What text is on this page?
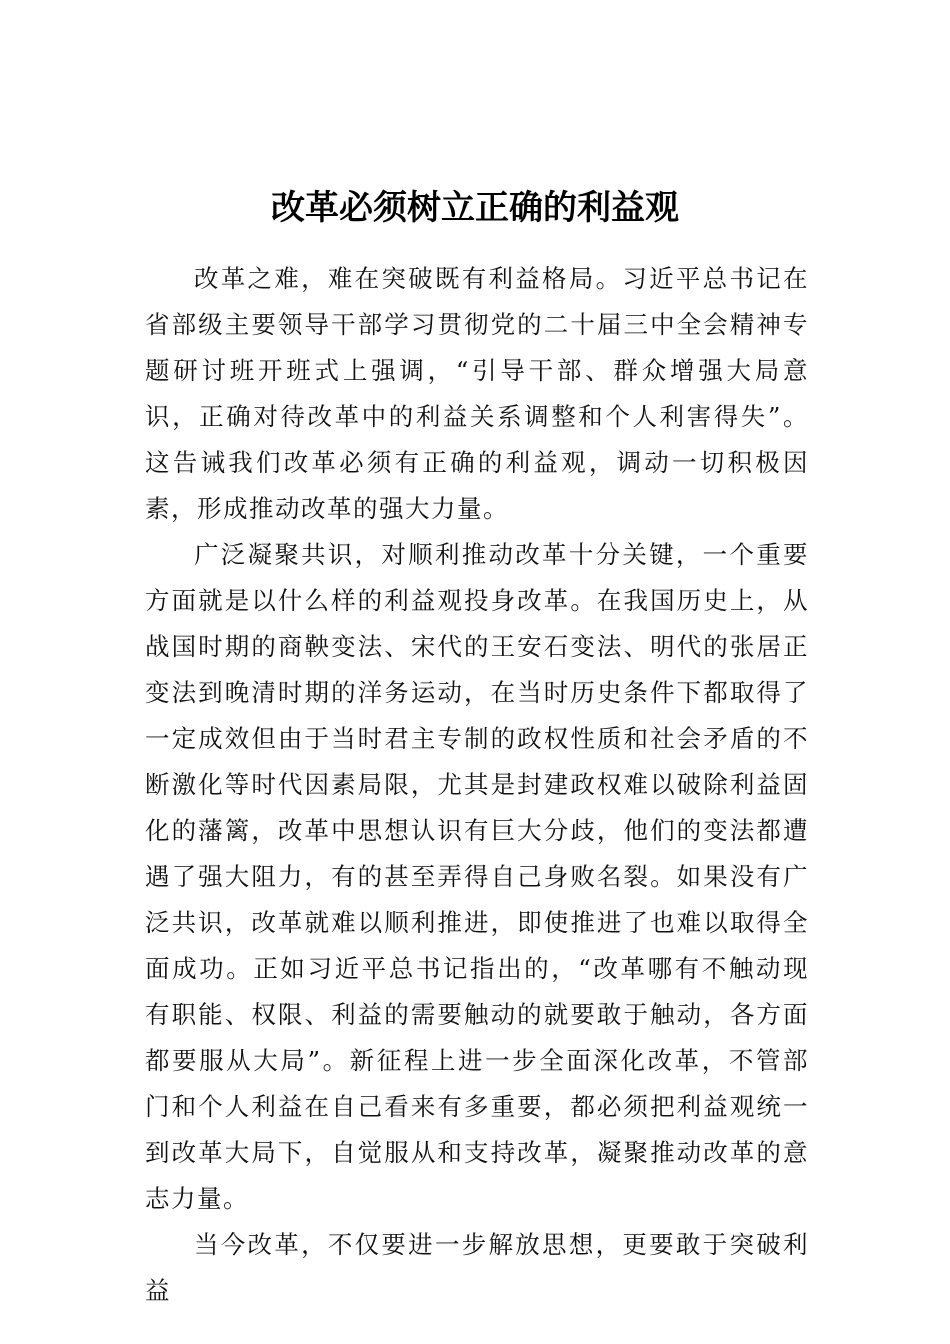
改革必须树立正确的利益观

改革之难，难在突破既有利益格局。习近平总书记在省部级主要领导干部学习贯彻党的二十届三中全会精神专题研讨班开班式上强调，“引导干部、群众增强大局意识，正确对待改革中的利益关系调整和个人利害得失”。这告诫我们改革必须有正确的利益观，调动一切积极因素，形成推动改革的强大力量。

广泛凝聚共识，对顺利推动改革十分关键，一个重要方面就是以什么样的利益观投身改革。在我国历史上，从战国时期的商鞅变法、宋代的王安石变法、明代的张居正变法到晚清时期的洋务运动，在当时历史条件下都取得了一定成效但由于当时君主专制的政权性质和社会矛盾的不断激化等时代因素局限，尤其是封建政权难以破除利益固化的藩篱，改革中思想认识有巨大分歧，他们的变法都遭遇了强大阻力，有的甚至弄得自己身败名裂。如果没有广泛共识，改革就难以顺利推进，即使推进了也难以取得全面成功。正如习近平总书记指出的，“改革哪有不触动现有职能、权限、利益的需要触动的就要敢于触动，各方面都要服从大局”。新征程上进一步全面深化改革，不管部门和个人利益在自己看来有多重要，都必须把利益观统一到改革大局下，自觉服从和支持改革，凝聚推动改革的意志力量。

当今改革，不仅要进一步解放思想，更要敢于突破利益
